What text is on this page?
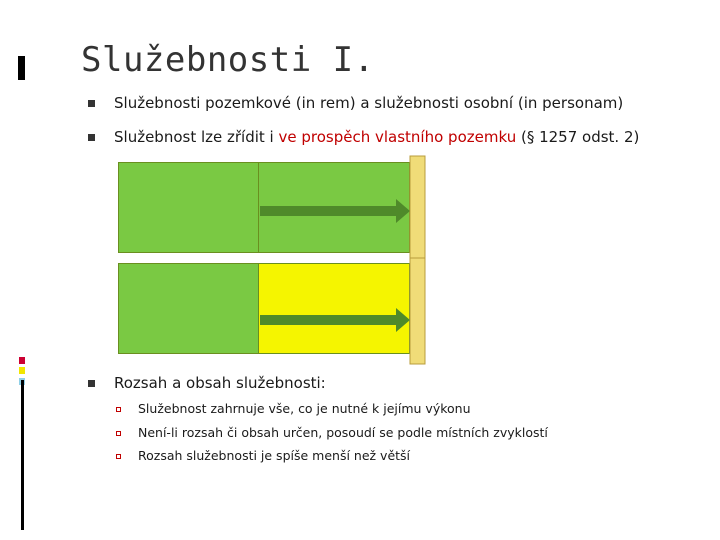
Služebnosti I.
Služebnosti pozemkové (in rem) a služebnosti osobní (in personam)
Služebnost lze zřídit i ve prospěch vlastního pozemku (§ 1257 odst. 2)
Rozsah a obsah služebnosti:
Služebnost zahrnuje vše, co je nutné k jejímu výkonu
Není-li rozsah či obsah určen, posoudí se podle místních zvyklostí
Rozsah služebnosti je spíše menší než větší
